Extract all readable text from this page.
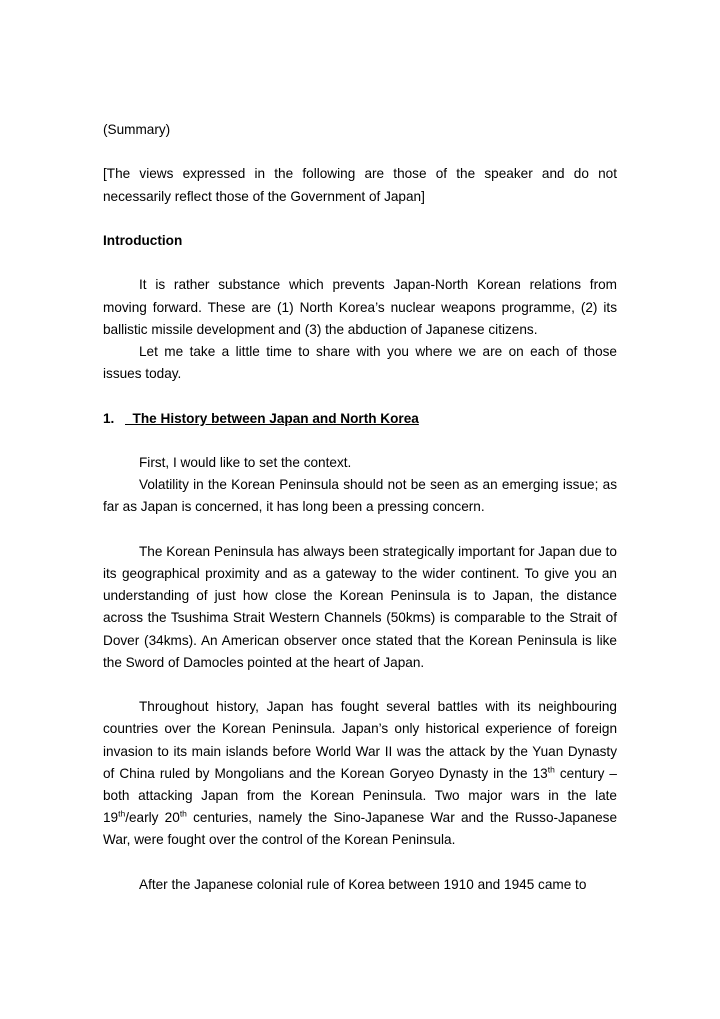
(Summary)

[The views expressed in the following are those of the speaker and do not necessarily reflect those of the Government of Japan]

Introduction

It is rather substance which prevents Japan-North Korean relations from moving forward. These are (1) North Korea’s nuclear weapons programme, (2) its ballistic missile development and (3) the abduction of Japanese citizens.

Let me take a little time to share with you where we are on each of those issues today.

1.  The History between Japan and North Korea

First, I would like to set the context.

Volatility in the Korean Peninsula should not be seen as an emerging issue; as far as Japan is concerned, it has long been a pressing concern.

The Korean Peninsula has always been strategically important for Japan due to its geographical proximity and as a gateway to the wider continent. To give you an understanding of just how close the Korean Peninsula is to Japan, the distance across the Tsushima Strait Western Channels (50kms) is comparable to the Strait of Dover (34kms). An American observer once stated that the Korean Peninsula is like the Sword of Damocles pointed at the heart of Japan.

Throughout history, Japan has fought several battles with its neighbouring countries over the Korean Peninsula. Japan’s only historical experience of foreign invasion to its main islands before World War II was the attack by the Yuan Dynasty of China ruled by Mongolians and the Korean Goryeo Dynasty in the 13th century – both attacking Japan from the Korean Peninsula. Two major wars in the late 19th/early 20th centuries, namely the Sino-Japanese War and the Russo-Japanese War, were fought over the control of the Korean Peninsula.

After the Japanese colonial rule of Korea between 1910 and 1945 came to
